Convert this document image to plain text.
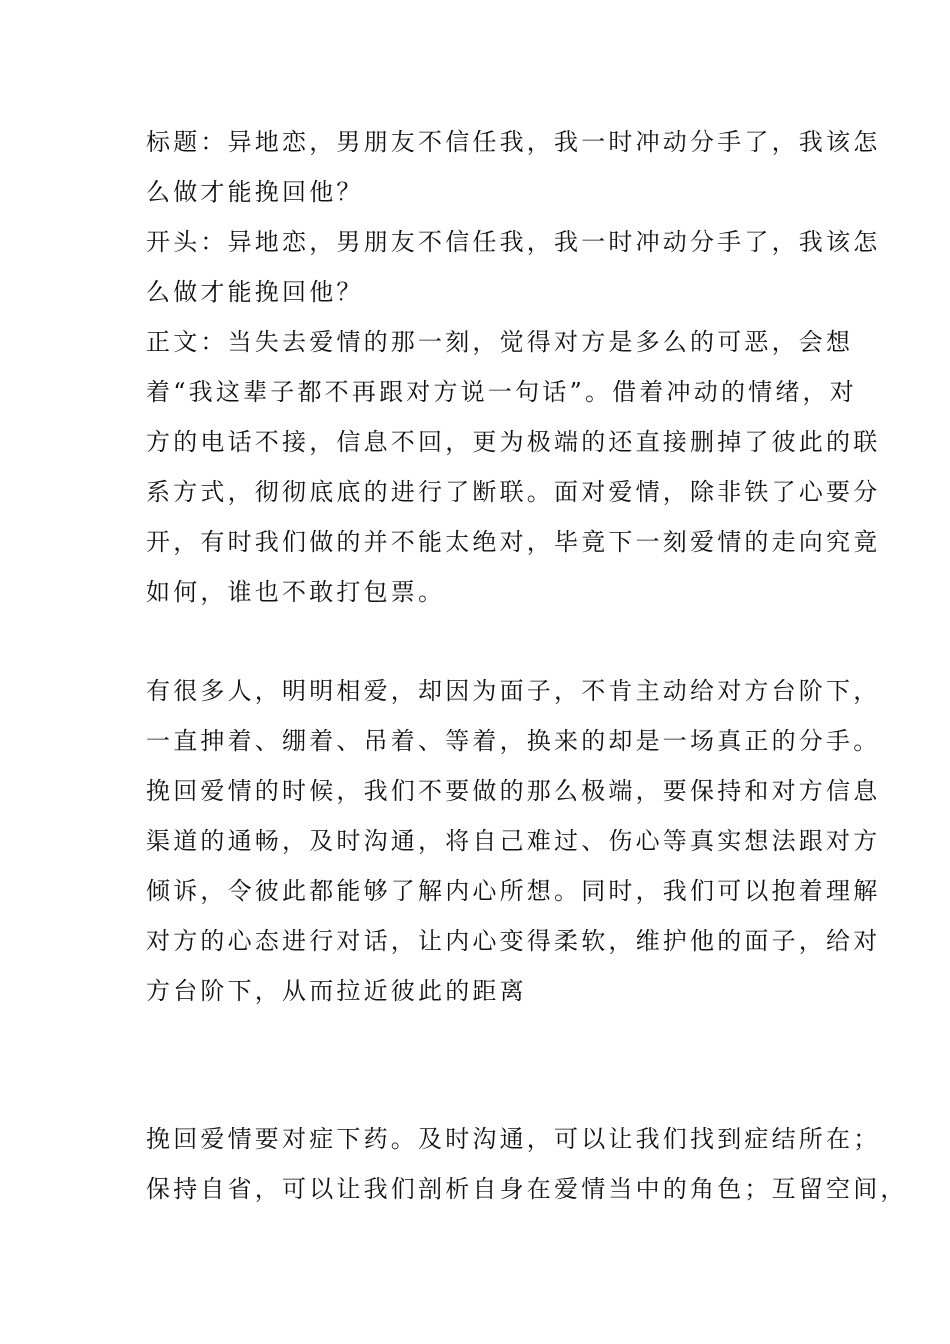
标题：异地恋，男朋友不信任我，我一时冲动分手了，我该怎
么做才能挽回他？
开头：异地恋，男朋友不信任我，我一时冲动分手了，我该怎
么做才能挽回他？
正文：当失去爱情的那一刻，觉得对方是多么的可恶，会想
着“我这辈子都不再跟对方说一句话”。借着冲动的情绪，对
方的电话不接，信息不回，更为极端的还直接删掉了彼此的联
系方式，彻彻底底的进行了断联。面对爱情，除非铁了心要分
开，有时我们做的并不能太绝对，毕竟下一刻爱情的走向究竟
如何，谁也不敢打包票。
有很多人，明明相爱，却因为面子，不肯主动给对方台阶下，
一直抻着、绷着、吊着、等着，换来的却是一场真正的分手。
挽回爱情的时候，我们不要做的那么极端，要保持和对方信息
渠道的通畅，及时沟通，将自己难过、伤心等真实想法跟对方
倾诉，令彼此都能够了解内心所想。同时，我们可以抱着理解
对方的心态进行对话，让内心变得柔软，维护他的面子，给对
方台阶下，从而拉近彼此的距离
挽回爱情要对症下药。及时沟通，可以让我们找到症结所在；
保持自省，可以让我们剖析自身在爱情当中的角色；互留空间，
